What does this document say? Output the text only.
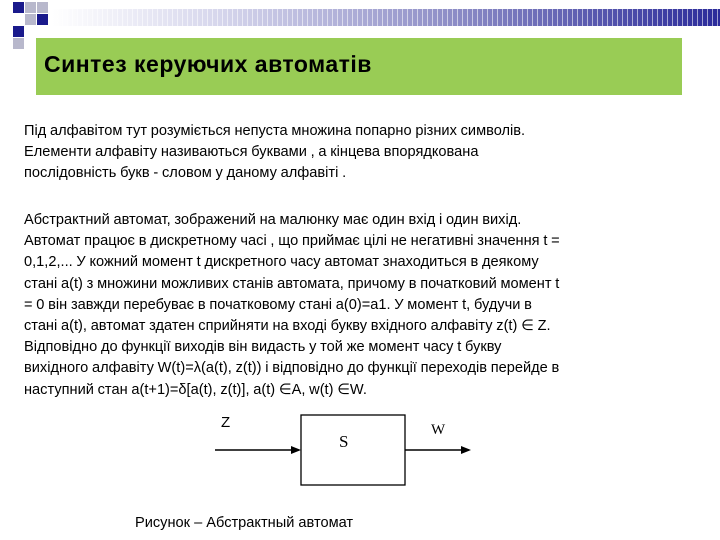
Синтез керуючих автоматів
Під алфавітом тут розуміється непуста множина попарно різних символів.
Елементи алфавіту називаються буквами , а кінцева впорядкована
послідовність букв - словом у даному алфавіті .
Абстрактний автомат, зображений на малюнку має один вхід і один вихід.
Автомат працює в дискретному часі , що приймає цілі не негативні значення t =
0,1,2,... У кожний момент t дискретного часу автомат знаходиться в деякому
стані a(t) з множини можливих станів автомата, причому в початковий момент t
= 0 він завжди перебуває в початковому стані a(0)=a1. У момент t, будучи в
стані a(t), автомат здатен сприйняти на вході букву вхідного алфавіту z(t) ∈ Z.
Відповідно до функції виходів він видасть у той же момент часу t букву
вихідного алфавіту W(t)=λ(a(t), z(t)) і відповідно до функції переходів перейде в
наступний стан a(t+1)=δ[a(t), z(t)], a(t) ∈A, w(t) ∈W.
Z
S
W
Рисунок – Абстрактный автомат
